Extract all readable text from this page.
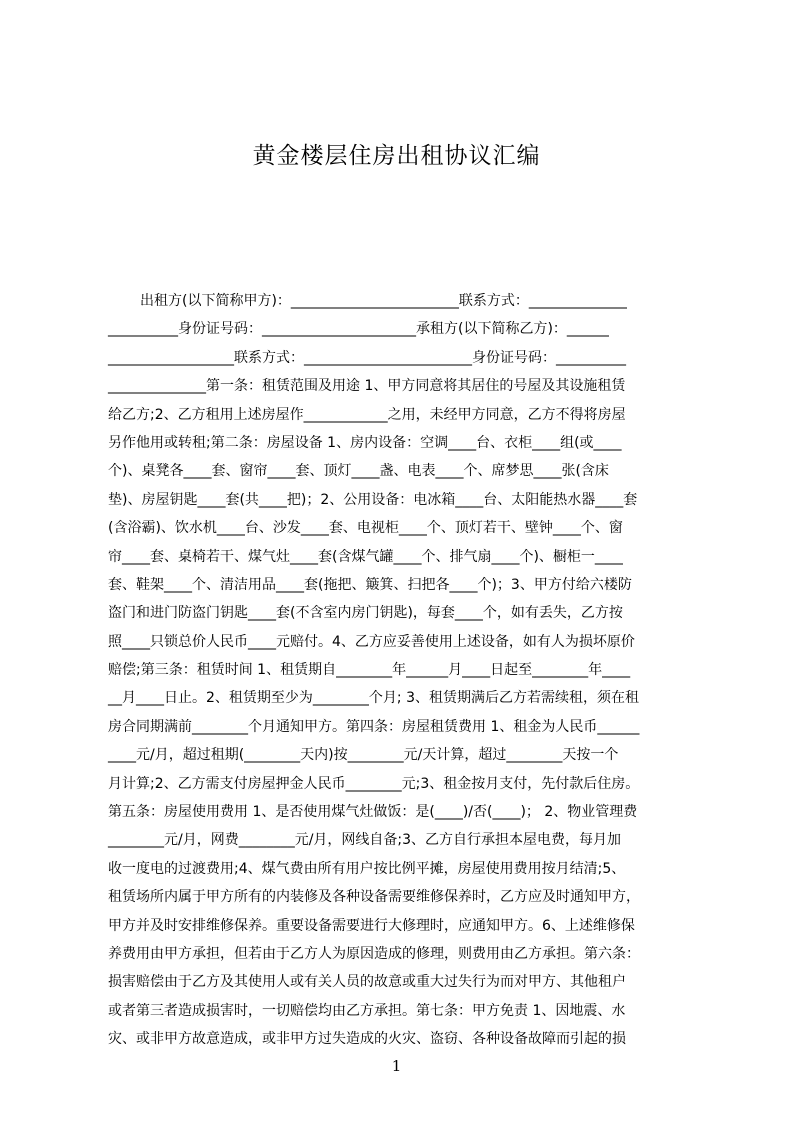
黄金楼层住房出租协议汇编
出租方(以下简称甲方)：________________________联系方式：______________
__________身份证号码：______________________承租方(以下简称乙方)：______
__________________联系方式：________________________身份证号码：__________
______________第一条：租赁范围及用途 1、甲方同意将其居住的号屋及其设施租赁
给乙方;2、乙方租用上述房屋作____________之用，未经甲方同意，乙方不得将房屋
另作他用或转租;第二条：房屋设备 1、房内设备：空调____台、衣柜____组(或____
个)、桌凳各____套、窗帘____套、顶灯____盏、电表____个、席梦思____张(含床
垫)、房屋钥匙____套(共____把)；2、公用设备：电冰箱____台、太阳能热水器____套
(含浴霸)、饮水机____台、沙发____套、电视柜____个、顶灯若干、壁钟____个、窗
帘____套、桌椅若干、煤气灶____套(含煤气罐____个、排气扇____个)、橱柜一____
套、鞋架____个、清洁用品____套(拖把、簸箕、扫把各____个)；3、甲方付给六楼防
盗门和进门防盗门钥匙____套(不含室内房门钥匙)，每套____个，如有丢失，乙方按
照____只锁总价人民币____元赔付。4、乙方应妥善使用上述设备，如有人为损坏原价
赔偿;第三条：租赁时间 1、租赁期自________年______月____日起至________年____
__月____日止。2、租赁期至少为________个月; 3、租赁期满后乙方若需续租，须在租
房合同期满前________个月通知甲方。第四条：房屋租赁费用 1、租金为人民币______
____元/月，超过租期(________天内)按________元/天计算，超过________天按一个
月计算;2、乙方需支付房屋押金人民币________元;3、租金按月支付，先付款后住房。
第五条：房屋使用费用 1、是否使用煤气灶做饭：是(____)/否(____)； 2、物业管理费
________元/月，网费________元/月，网线自备;3、乙方自行承担本屋电费，每月加
收一度电的过渡费用;4、煤气费由所有用户按比例平摊，房屋使用费用按月结清;5、
租赁场所内属于甲方所有的内装修及各种设备需要维修保养时，乙方应及时通知甲方，
甲方并及时安排维修保养。重要设备需要进行大修理时，应通知甲方。6、上述维修保
养费用由甲方承担，但若由于乙方人为原因造成的修理，则费用由乙方承担。第六条：
损害赔偿由于乙方及其使用人或有关人员的故意或重大过失行为而对甲方、其他租户
或者第三者造成损害时，一切赔偿均由乙方承担。第七条：甲方免责 1、因地震、水
灾、或非甲方故意造成，或非甲方过失造成的火灾、盗窃、各种设备故障而引起的损
1
